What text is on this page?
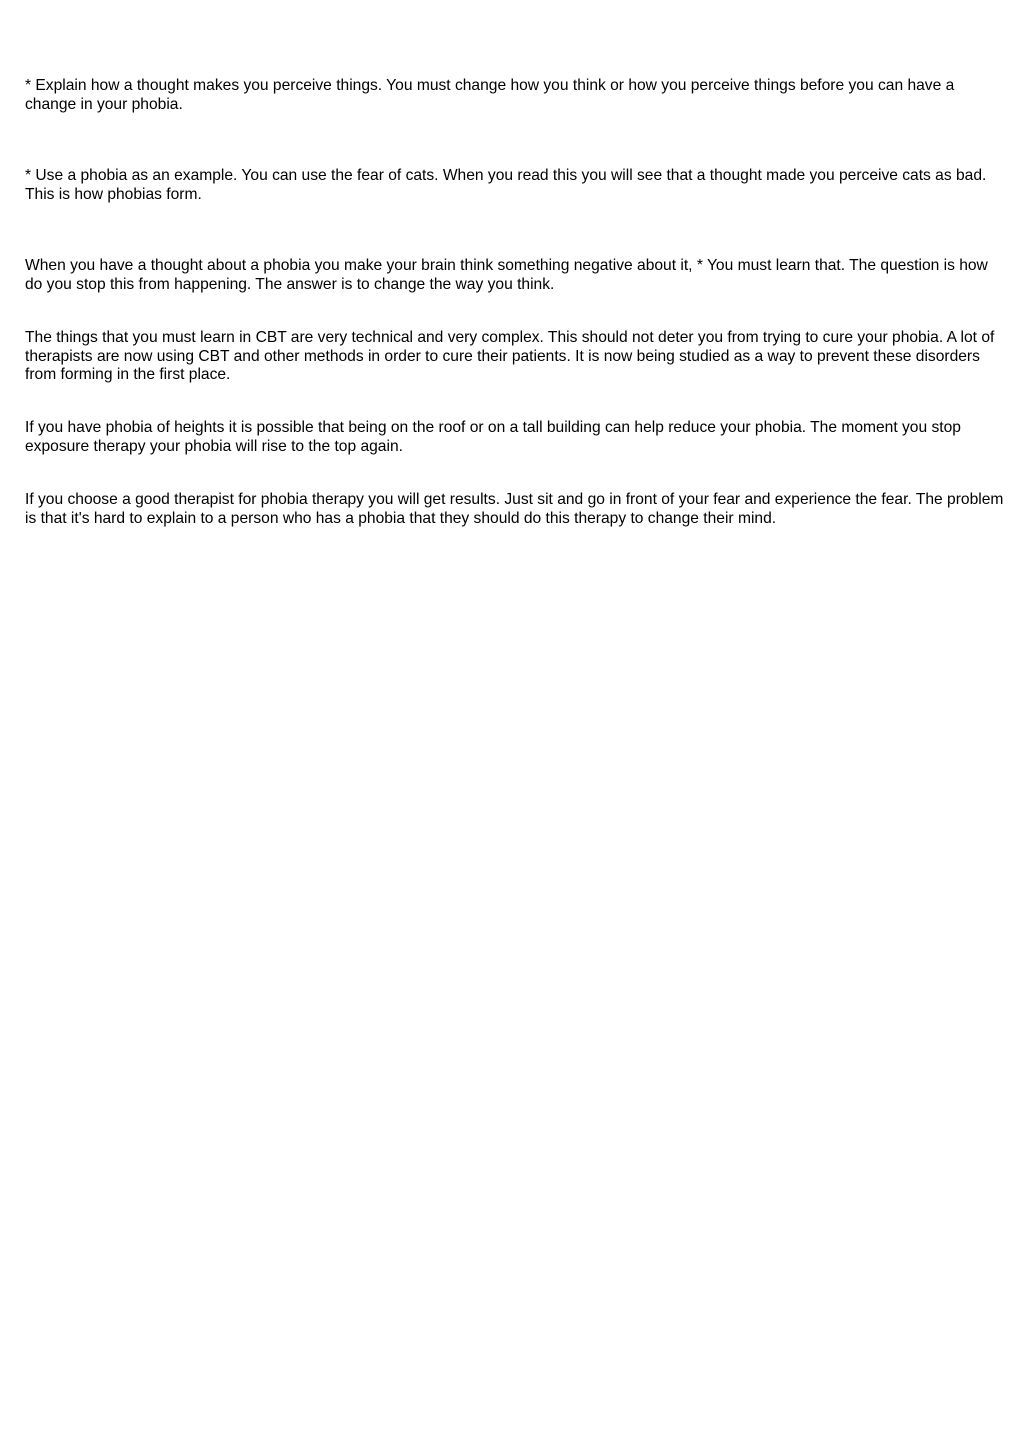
* Explain how a thought makes you perceive things. You must change how you think or how you perceive things before you can have a change in your phobia.

* Use a phobia as an example. You can use the fear of cats. When you read this you will see that a thought made you perceive cats as bad. This is how phobias form.

When you have a thought about a phobia you make your brain think something negative about it, * You must learn that. The question is how do you stop this from happening. The answer is to change the way you think.

The things that you must learn in CBT are very technical and very complex. This should not deter you from trying to cure your phobia. A lot of therapists are now using CBT and other methods in order to cure their patients. It is now being studied as a way to prevent these disorders from forming in the first place.

If you have phobia of heights it is possible that being on the roof or on a tall building can help reduce your phobia. The moment you stop exposure therapy your phobia will rise to the top again.

If you choose a good therapist for phobia therapy you will get results. Just sit and go in front of your fear and experience the fear. The problem is that it's hard to explain to a person who has a phobia that they should do this therapy to change their mind.
